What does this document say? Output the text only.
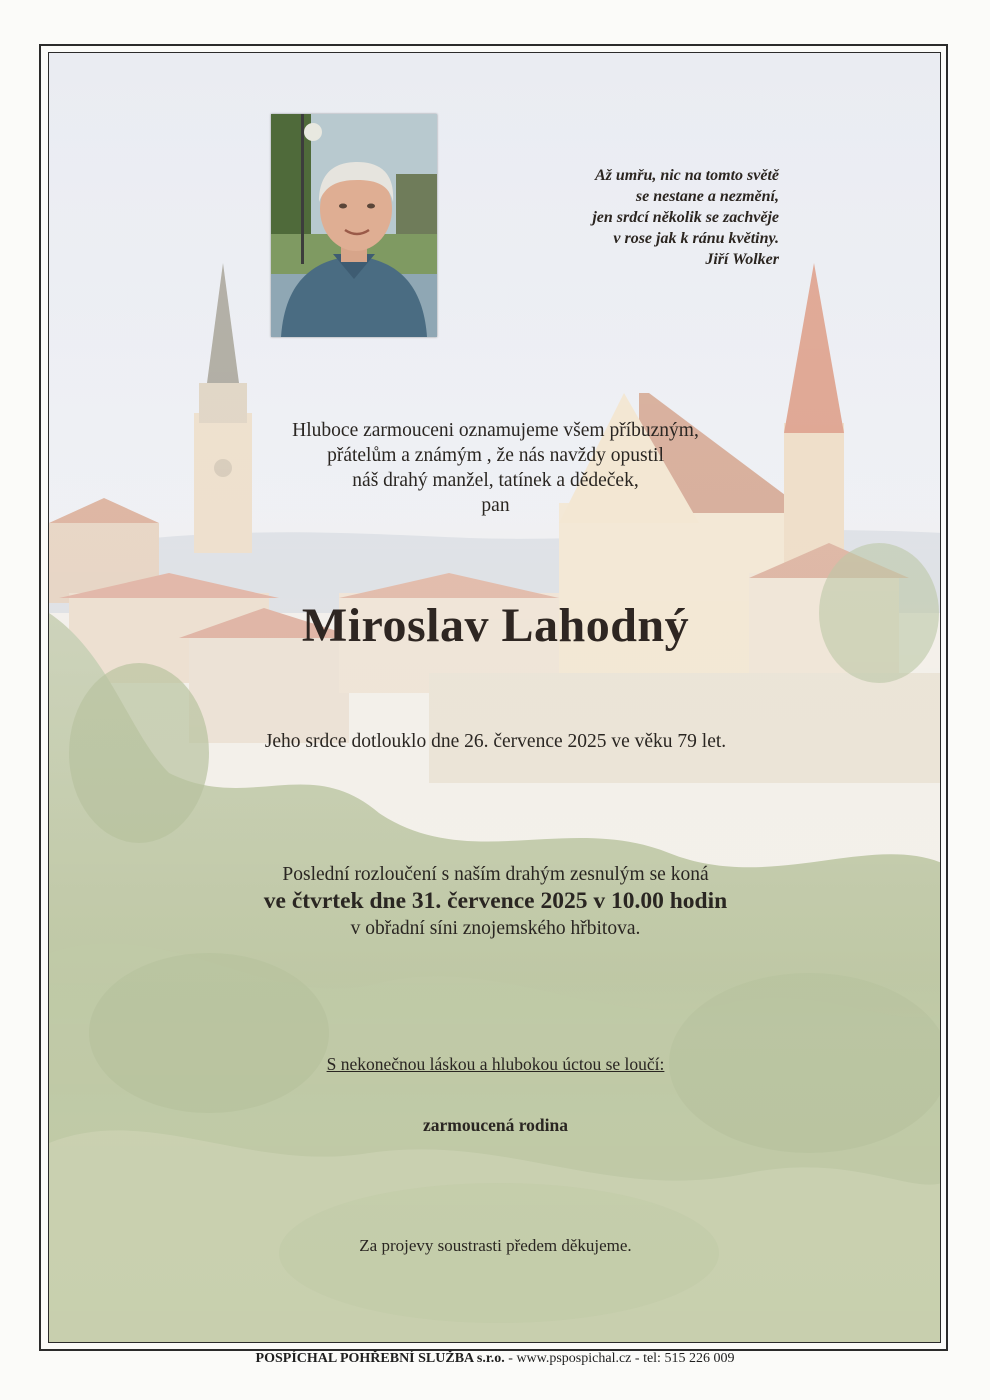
Až umřu, nic na tomto světě
se nestane a nezmění,
jen srdcí několik se zachvěje
v rose jak k ránu květiny.
Jiří Wolker
Hluboce zarmouceni oznamujeme všem příbuzným,
přátelům a známým , že nás navždy opustil
náš drahý manžel, tatínek a dědeček,
pan
Miroslav Lahodný
Jeho srdce dotlouklo dne 26. července 2025 ve věku 79 let.
Poslední rozloučení s naším drahým zesnulým se koná
ve čtvrtek dne 31. července 2025 v 10.00 hodin
v obřadní síni znojemského hřbitova.
S nekonečnou láskou a hlubokou úctou se loučí:
zarmoucená rodina
Za projevy soustrasti předem děkujeme.
POSPÍCHAL POHŘEBNÍ SLUŽBA s.r.o. - www.pspospichal.cz - tel: 515 226 009
